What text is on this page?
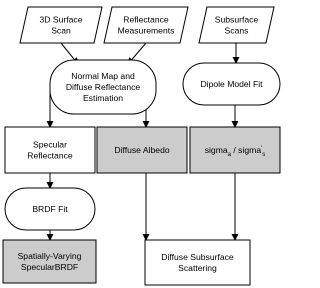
3D Surface
Scan
Reflectance
Measurements
Subsurface
Scans
Normal Map and
Diffuse Reflectance
Estimation
Dipole Model Fit
Specular
Reflectance
Diffuse Albedo	sigma$_a$ / sigma'$_s$
BRDF Fit
Spatially-Varying
SpecularBRDF
Diffuse Subsurface
Scattering
